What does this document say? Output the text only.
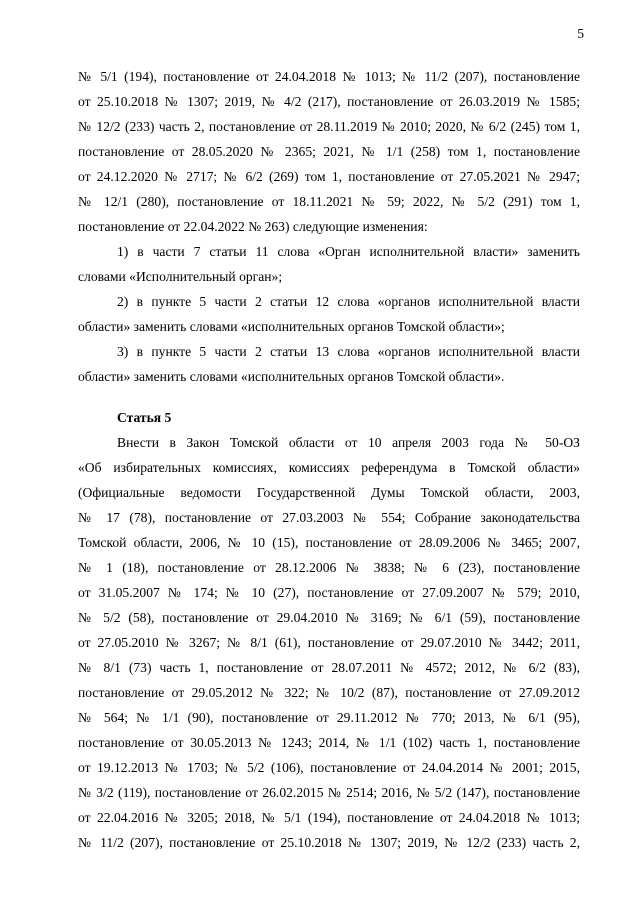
5
№ 5/1 (194), постановление от 24.04.2018 № 1013; № 11/2 (207), постановление
от 25.10.2018 № 1307; 2019, № 4/2 (217), постановление от 26.03.2019 № 1585;
№ 12/2 (233) часть 2, постановление от 28.11.2019 № 2010; 2020, № 6/2 (245) том 1,
постановление от 28.05.2020 № 2365; 2021, № 1/1 (258) том 1, постановление
от 24.12.2020 № 2717; № 6/2 (269) том 1, постановление от 27.05.2021 № 2947;
№ 12/1 (280), постановление от 18.11.2021 № 59; 2022, № 5/2 (291) том 1,
постановление от 22.04.2022 № 263) следующие изменения:
1) в части 7 статьи 11 слова «Орган исполнительной власти» заменить
словами «Исполнительный орган»;
2) в пункте 5 части 2 статьи 12 слова «органов исполнительной власти
области» заменить словами «исполнительных органов Томской области»;
3) в пункте 5 части 2 статьи 13 слова «органов исполнительной власти
области» заменить словами «исполнительных органов Томской области».
Статья 5
Внести в Закон Томской области от 10 апреля 2003 года № 50-ОЗ
«Об избирательных комиссиях, комиссиях референдума в Томской области»
(Официальные ведомости Государственной Думы Томской области, 2003,
№ 17 (78), постановление от 27.03.2003 № 554; Собрание законодательства
Томской области, 2006, № 10 (15), постановление от 28.09.2006 № 3465; 2007,
№ 1 (18), постановление от 28.12.2006 № 3838; № 6 (23), постановление
от 31.05.2007 № 174; № 10 (27), постановление от 27.09.2007 № 579; 2010,
№ 5/2 (58), постановление от 29.04.2010 № 3169; № 6/1 (59), постановление
от 27.05.2010 № 3267; № 8/1 (61), постановление от 29.07.2010 № 3442; 2011,
№ 8/1 (73) часть 1, постановление от 28.07.2011 № 4572; 2012, № 6/2 (83),
постановление от 29.05.2012 № 322; № 10/2 (87), постановление от 27.09.2012
№ 564; № 1/1 (90), постановление от 29.11.2012 № 770; 2013, № 6/1 (95),
постановление от 30.05.2013 № 1243; 2014, № 1/1 (102) часть 1, постановление
от 19.12.2013 № 1703; № 5/2 (106), постановление от 24.04.2014 № 2001; 2015,
№ 3/2 (119), постановление от 26.02.2015 № 2514; 2016, № 5/2 (147), постановление
от 22.04.2016 № 3205; 2018, № 5/1 (194), постановление от 24.04.2018 № 1013;
№ 11/2 (207), постановление от 25.10.2018 № 1307; 2019, № 12/2 (233) часть 2,
